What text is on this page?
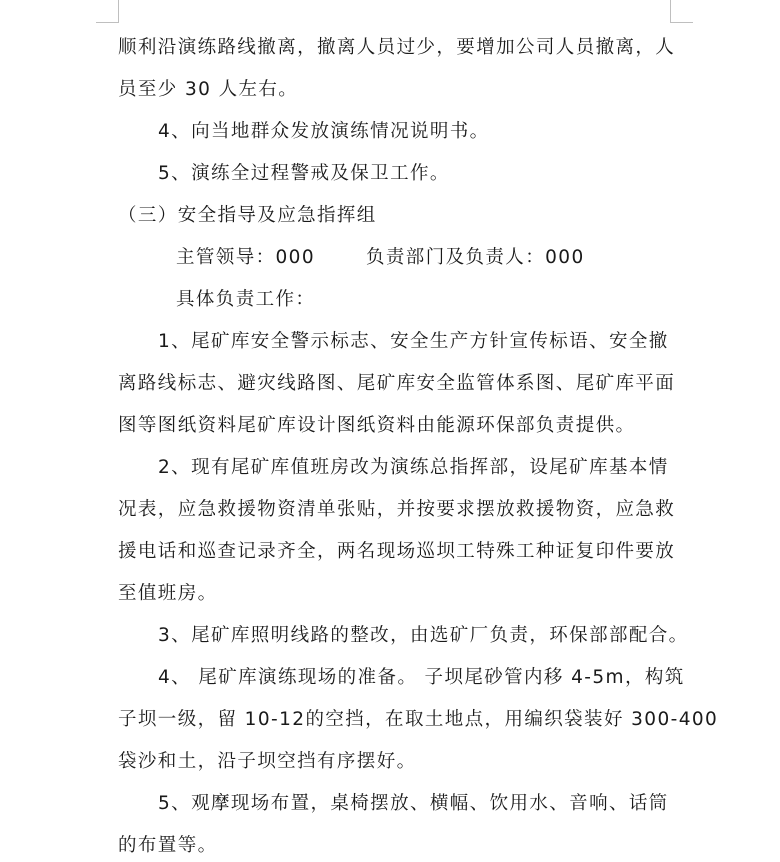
顺利沿演练路线撤离，撤离人员过少，要增加公司人员撤离，人
员至少 30 人左右。
4、向当地群众发放演练情况说明书。
5、演练全过程警戒及保卫工作。
（三）安全指导及应急指挥组
主管领导：000	负责部门及负责人：000
具体负责工作：
1、尾矿库安全警示标志、安全生产方针宣传标语、安全撤
离路线标志、避灾线路图、尾矿库安全监管体系图、尾矿库平面
图等图纸资料尾矿库设计图纸资料由能源环保部负责提供。
2、现有尾矿库值班房改为演练总指挥部，设尾矿库基本情
况表，应急救援物资清单张贴，并按要求摆放救援物资，应急救
援电话和巡查记录齐全，两名现场巡坝工特殊工种证复印件要放
至值班房。
3、尾矿库照明线路的整改，由选矿厂负责，环保部部配合。
4、 尾矿库演练现场的准备。 子坝尾砂管内移 4-5m，构筑
子坝一级，留 10-12的空挡，在取土地点，用编织袋装好 300-400
袋沙和土，沿子坝空挡有序摆好。
5、观摩现场布置，桌椅摆放、横幅、饮用水、音响、话筒
的布置等。
